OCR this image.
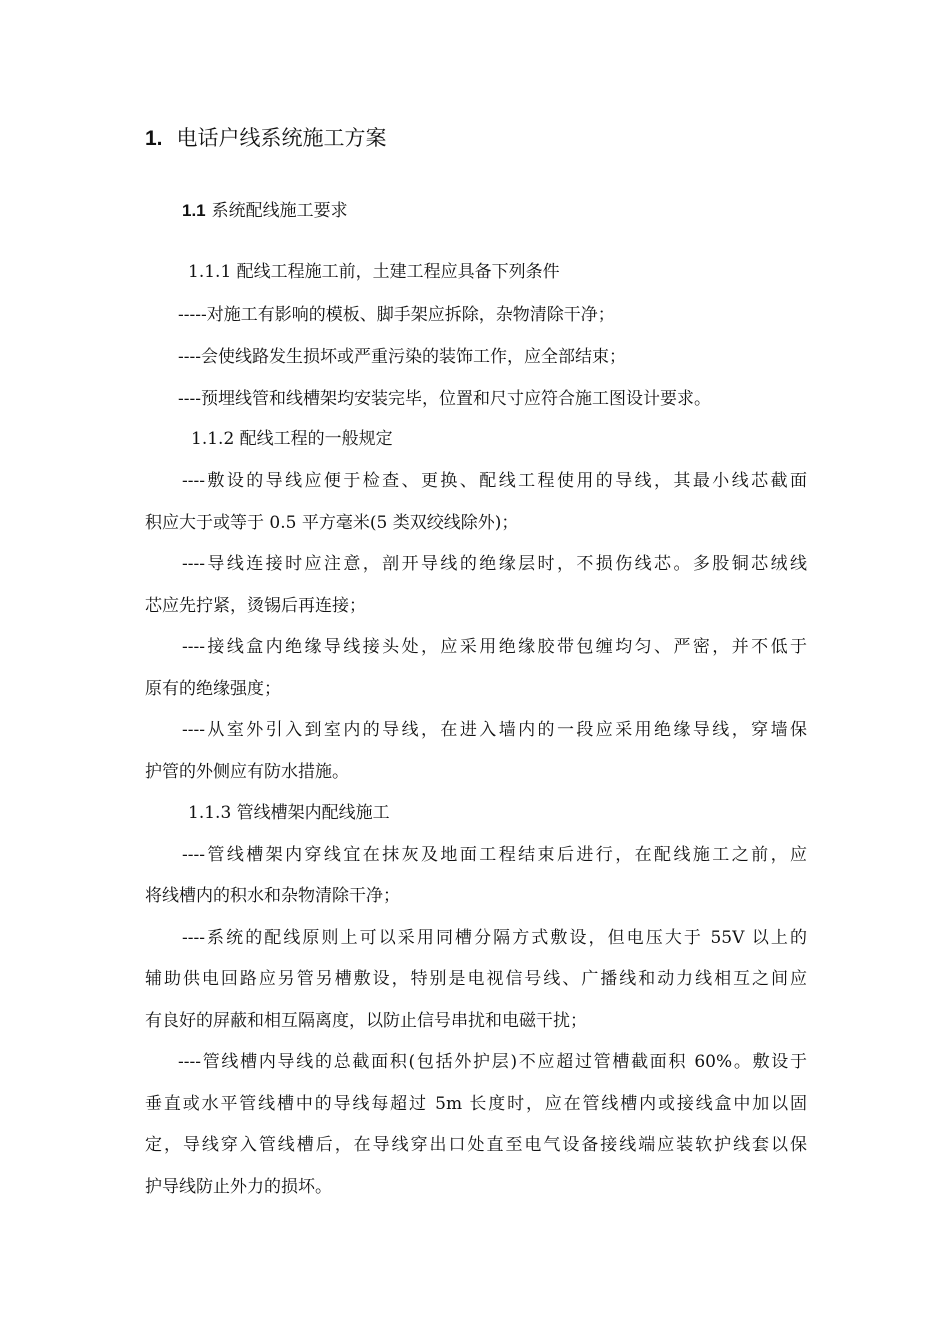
1. 电话户线系统施工方案
1.1 系统配线施工要求
1.1.1 配线工程施工前，土建工程应具备下列条件
-----对施工有影响的模板、脚手架应拆除，杂物清除干净；
----会使线路发生损坏或严重污染的装饰工作，应全部结束；
----预埋线管和线槽架均安装完毕，位置和尺寸应符合施工图设计要求。
1.1.2 配线工程的一般规定
----敷设的导线应便于检查、更换、配线工程使用的导线，其最小线芯截面
积应大于或等于 0.5 平方毫米(5 类双绞线除外)；
----导线连接时应注意，剖开导线的绝缘层时，不损伤线芯。多股铜芯绒线
芯应先拧紧，烫锡后再连接；
----接线盒内绝缘导线接头处，应采用绝缘胶带包缠均匀、严密，并不低于
原有的绝缘强度；
----从室外引入到室内的导线，在进入墙内的一段应采用绝缘导线，穿墙保
护管的外侧应有防水措施。
1.1.3 管线槽架内配线施工
----管线槽架内穿线宜在抹灰及地面工程结束后进行，在配线施工之前，应
将线槽内的积水和杂物清除干净；
----系统的配线原则上可以采用同槽分隔方式敷设，但电压大于 55V 以上的
辅助供电回路应另管另槽敷设，特别是电视信号线、广播线和动力线相互之间应
有良好的屏蔽和相互隔离度，以防止信号串扰和电磁干扰；
----管线槽内导线的总截面积(包括外护层)不应超过管槽截面积 60%。敷设于
垂直或水平管线槽中的导线每超过 5m 长度时，应在管线槽内或接线盒中加以固
定，导线穿入管线槽后，在导线穿出口处直至电气设备接线端应装软护线套以保
护导线防止外力的损坏。
